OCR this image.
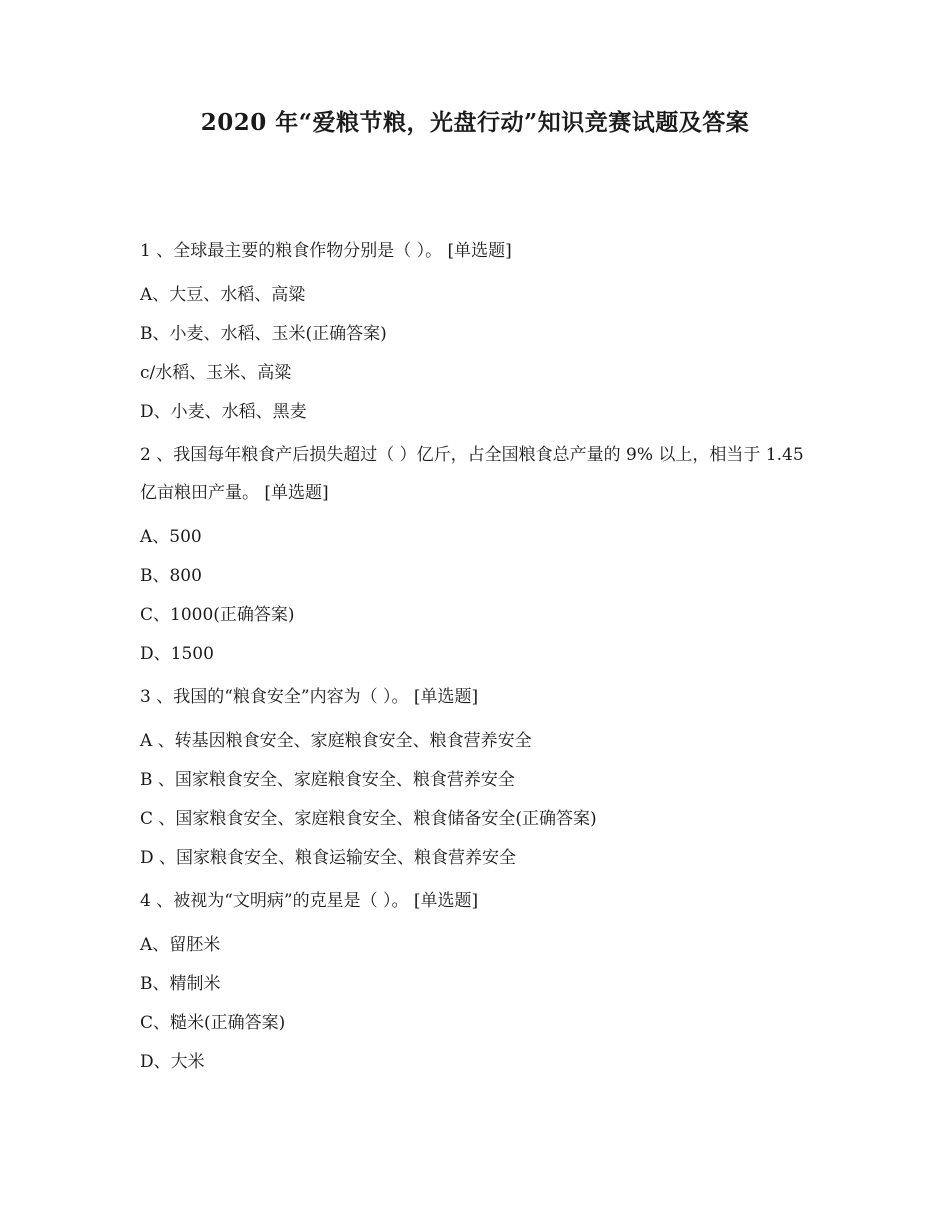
2020 年“爱粮节粮，光盘行动”知识竞赛试题及答案

1 、全球最主要的粮食作物分别是（ ）。 [单选题]

A、大豆、水稻、高粱

B、小麦、水稻、玉米(正确答案)

c/水稻、玉米、高粱

D、小麦、水稻、黑麦

2 、我国每年粮食产后损失超过（ ）亿斤，占全国粮食总产量的 9% 以上，相当于 1.45 亿亩粮田产量。 [单选题]

A、500

B、800

C、1000(正确答案)

D、1500

3 、我国的“粮食安全”内容为（ ）。 [单选题]

A 、转基因粮食安全、家庭粮食安全、粮食营养安全

B 、国家粮食安全、家庭粮食安全、粮食营养安全

C 、国家粮食安全、家庭粮食安全、粮食储备安全(正确答案)

D 、国家粮食安全、粮食运输安全、粮食营养安全

4 、被视为“文明病”的克星是（ ）。 [单选题]

A、留胚米

B、精制米

C、糙米(正确答案)

D、大米
